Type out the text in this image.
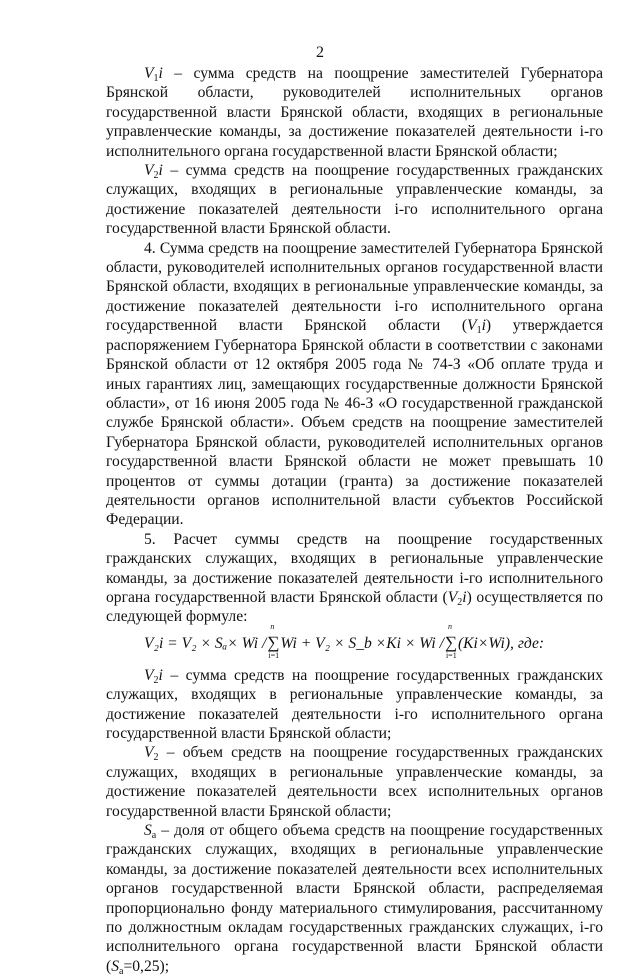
2

$V_1i$ – сумма средств на поощрение заместителей Губернатора Брянской области, руководителей исполнительных органов государственной власти Брянской области, входящих в региональные управленческие команды, за достижение показателей деятельности i-го исполнительного органа государственной власти Брянской области;

$V_2i$ – сумма средств на поощрение государственных гражданских служащих, входящих в региональные управленческие команды, за достижение показателей деятельности i-го исполнительного органа государственной власти Брянской области.

4. Сумма средств на поощрение заместителей Губернатора Брянской области, руководителей исполнительных органов государственной власти Брянской области, входящих в региональные управленческие команды, за достижение показателей деятельности i-го исполнительного органа государственной власти Брянской области $(V_1i)$ утверждается распоряжением Губернатора Брянской области в соответствии с законами Брянской области от 12 октября 2005 года № 74-З «Об оплате труда и иных гарантиях лиц, замещающих государственные должности Брянской области», от 16 июня 2005 года № 46-З «О государственной гражданской службе Брянской области». Объем средств на поощрение заместителей Губернатора Брянской области, руководителей исполнительных органов государственной власти Брянской области не может превышать 10 процентов от суммы дотации (гранта) за достижение показателей деятельности органов исполнительной власти субъектов Российской Федерации.

5. Расчет суммы средств на поощрение государственных гражданских служащих, входящих в региональные управленческие команды, за достижение показателей деятельности i-го исполнительного органа государственной власти Брянской области $(V_2i)$ осуществляется по следующей формуле:

V₂i = V₂ × Sₐ× Wi /
n
∑
i=1
Wi + V₂ × S_b ×Ki × Wi /
n
∑
i=1
(Ki×Wi), где:

$V_2i$ – сумма средств на поощрение государственных гражданских служащих, входящих в региональные управленческие команды, за достижение показателей деятельности i-го исполнительного органа государственной власти Брянской области;

$V_2$ – объем средств на поощрение государственных гражданских служащих, входящих в региональные управленческие команды, за достижение показателей деятельности всех исполнительных органов государственной власти Брянской области;

$S_a$ – доля от общего объема средств на поощрение государственных гражданских служащих, входящих в региональные управленческие команды, за достижение показателей деятельности всех исполнительных органов государственной власти Брянской области, распределяемая пропорционально фонду материального стимулирования, рассчитанному по должностным окладам государственных гражданских служащих, i-го исполнительного органа государственной власти Брянской области $(S_a=0,25)$;
